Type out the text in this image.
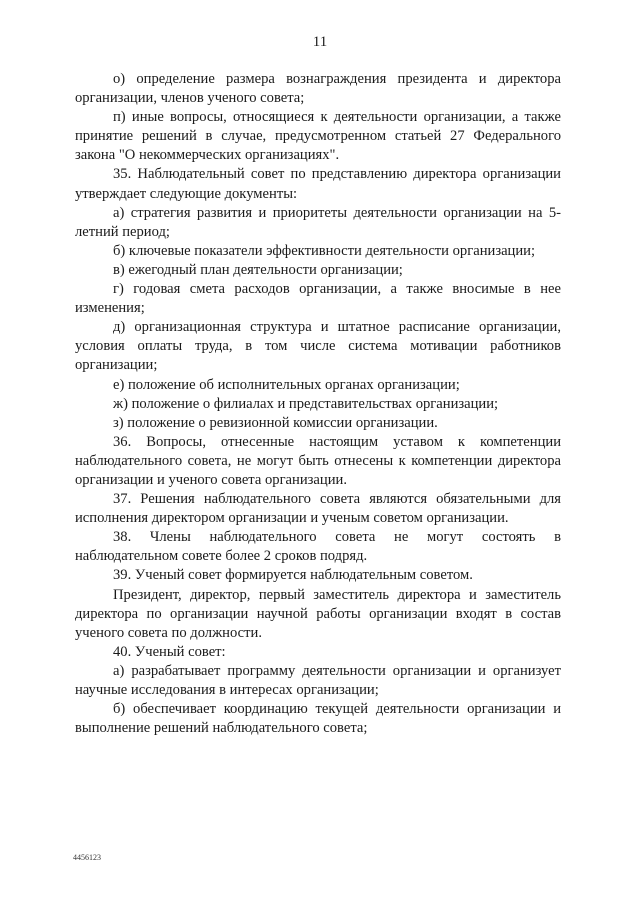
11

о) определение размера вознаграждения президента и директора организации, членов ученого совета;

п) иные вопросы, относящиеся к деятельности организации, а также принятие решений в случае, предусмотренном статьей 27 Федерального закона "О некоммерческих организациях".

35. Наблюдательный совет по представлению директора организации утверждает следующие документы:

а) стратегия развития и приоритеты деятельности организации на 5-летний период;

б) ключевые показатели эффективности деятельности организации;

в) ежегодный план деятельности организации;

г) годовая смета расходов организации, а также вносимые в нее изменения;

д) организационная структура и штатное расписание организации, условия оплаты труда, в том числе система мотивации работников организации;

е) положение об исполнительных органах организации;

ж) положение о филиалах и представительствах организации;

з) положение о ревизионной комиссии организации.

36. Вопросы, отнесенные настоящим уставом к компетенции наблюдательного совета, не могут быть отнесены к компетенции директора организации и ученого совета организации.

37. Решения наблюдательного совета являются обязательными для исполнения директором организации и ученым советом организации.

38. Члены наблюдательного совета не могут состоять в наблюдательном совете более 2 сроков подряд.

39. Ученый совет формируется наблюдательным советом.

Президент, директор, первый заместитель директора и заместитель директора по организации научной работы организации входят в состав ученого совета по должности.

40. Ученый совет:

а) разрабатывает программу деятельности организации и организует научные исследования в интересах организации;

б) обеспечивает координацию текущей деятельности организации и выполнение решений наблюдательного совета;

4456123
